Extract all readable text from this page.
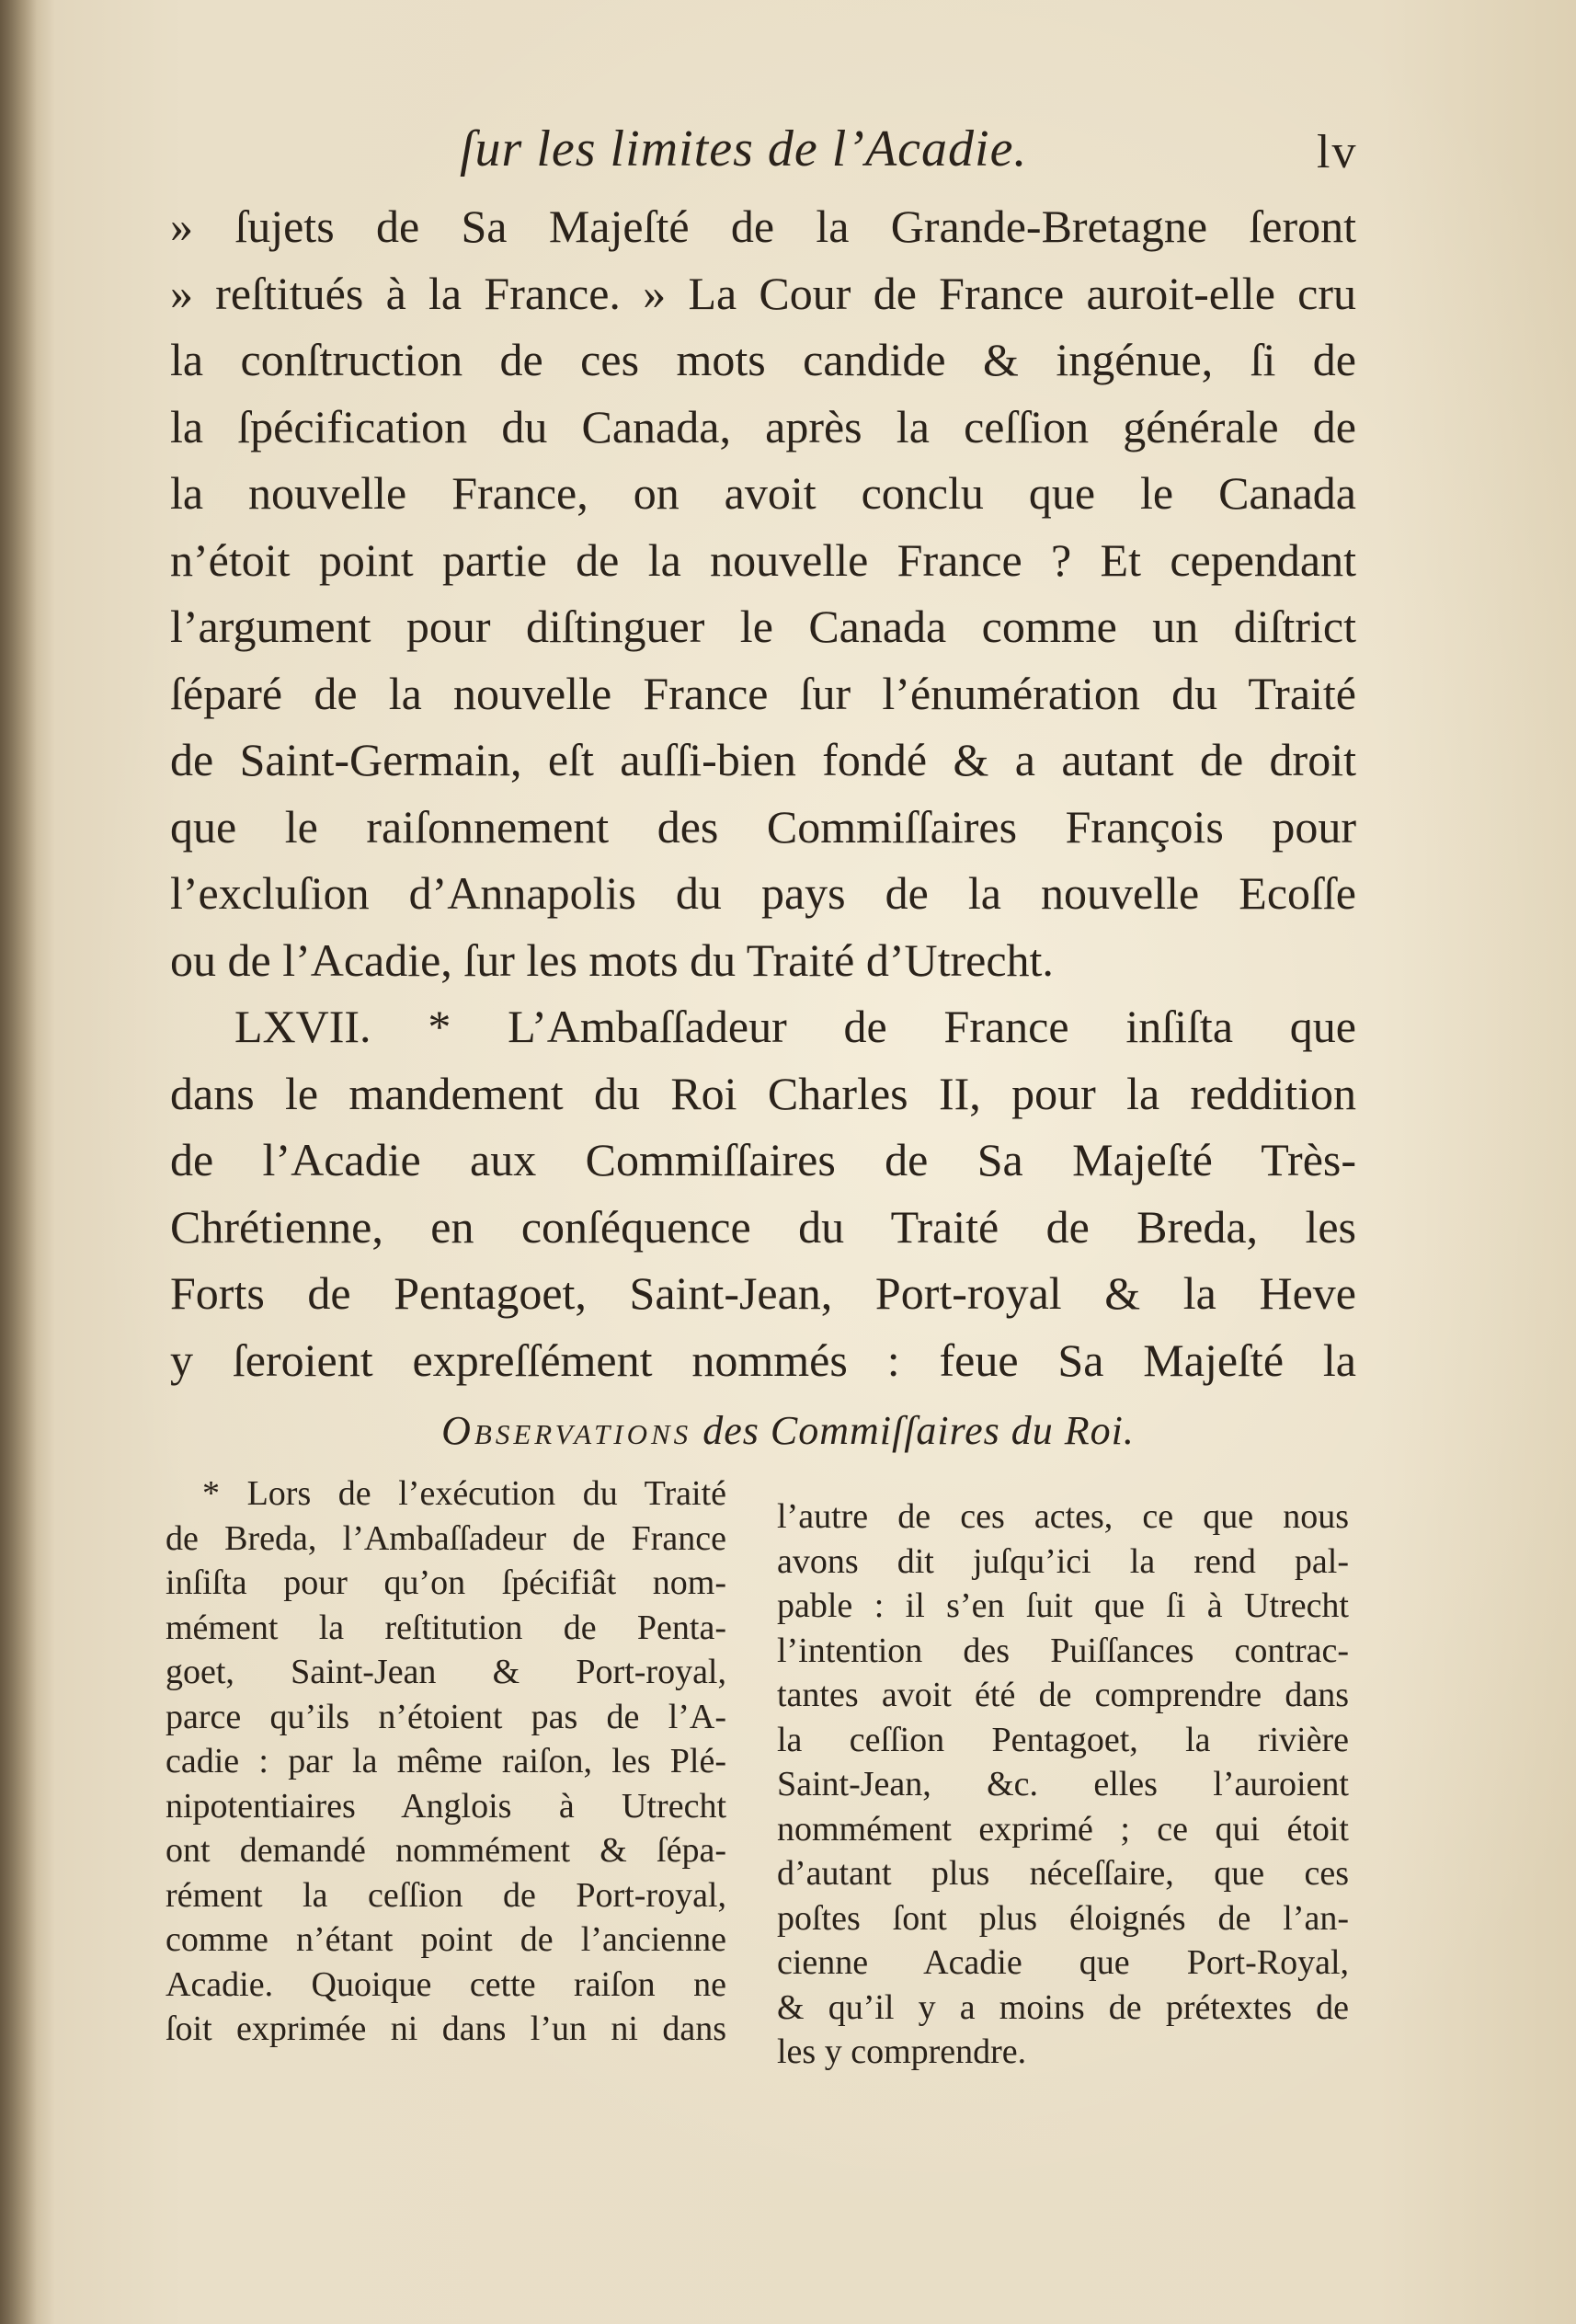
ſur les limites de l’Acadie.	lv
» ſujets de Sa Majeſté de la Grande-Bretagne ſeront
» reſtitués à la France. » La Cour de France auroit-elle cru
la conſtruction de ces mots candide & ingénue, ſi de
la ſpécification du Canada, après la ceſſion générale de
la nouvelle France, on avoit conclu que le Canada
n’étoit point partie de la nouvelle France ? Et cependant
l’argument pour diſtinguer le Canada comme un diſtrict
ſéparé de la nouvelle France ſur l’énumération du Traité
de Saint-Germain, eſt auſſi-bien fondé & a autant de droit
que le raiſonnement des Commiſſaires François pour
l’excluſion d’Annapolis du pays de la nouvelle Ecoſſe
ou de l’Acadie, ſur les mots du Traité d’Utrecht.
LXVII. * L’Ambaſſadeur de France inſiſta que
dans le mandement du Roi Charles II, pour la reddition
de l’Acadie aux Commiſſaires de Sa Majeſté Très-
Chrétienne, en conſéquence du Traité de Breda, les
Forts de Pentagoet, Saint-Jean, Port-royal & la Heve
y ſeroient expreſſément nommés : feue Sa Majeſté la
Observations des Commiſſaires du Roi.
* Lors de l’exécution du Traité
de Breda, l’Ambaſſadeur de France
inſiſta pour qu’on ſpécifiât nom-
mément la reſtitution de Penta-
goet, Saint-Jean & Port-royal,
parce qu’ils n’étoient pas de l’A-
cadie : par la même raiſon, les Plé-
nipotentiaires Anglois à Utrecht
ont demandé nommément & ſépa-
rément la ceſſion de Port-royal,
comme n’étant point de l’ancienne
Acadie. Quoique cette raiſon ne
ſoit exprimée ni dans l’un ni dans
l’autre de ces actes, ce que nous
avons dit juſqu’ici la rend pal-
pable : il s’en ſuit que ſi à Utrecht
l’intention des Puiſſances contrac-
tantes avoit été de comprendre dans
la ceſſion Pentagoet, la rivière
Saint-Jean, &c. elles l’auroient
nommément exprimé ; ce qui étoit
d’autant plus néceſſaire, que ces
poſtes ſont plus éloignés de l’an-
cienne Acadie que Port-Royal,
& qu’il y a moins de prétextes de
les y comprendre.
